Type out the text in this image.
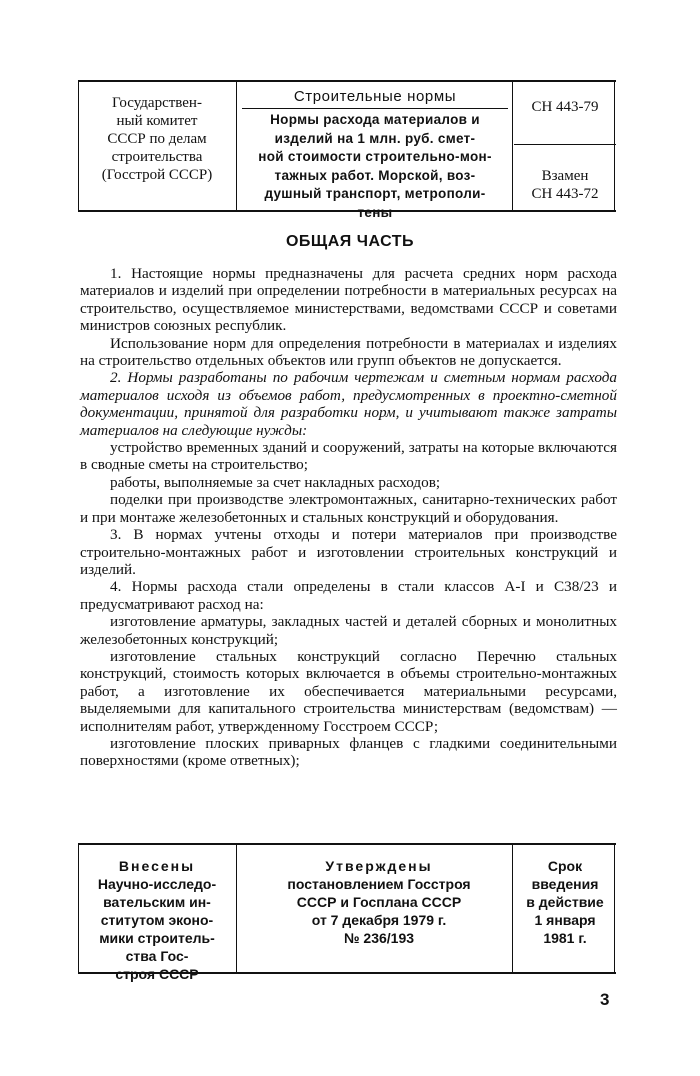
Государствен-
ный комитет
СССР по делам
строительства
(Госстрой СССР)
Строительные нормы
Нормы расхода материалов и
изделий на 1 млн. руб. смет-
ной стоимости строительно-мон-
тажных работ. Морской, воз-
душный транспорт, метрополи-
тены
СН 443-79
Взамен
СН 443-72
ОБЩАЯ ЧАСТЬ

1. Настоящие нормы предназначены для расчета средних норм расхода материалов и изделий при определении потребности в материальных ресурсах на строительство, осуществляемое министерствами, ведомствами СССР и советами министров союзных республик.

Использование норм для определения потребности в материалах и изделиях на строительство отдельных объектов или групп объектов не допускается.

2. Нормы разработаны по рабочим чертежам и сметным нормам расхода материалов исходя из объемов работ, предусмотренных в проектно-сметной документации, принятой для разработки норм, и учитывают также затраты материалов на следующие нужды:

устройство временных зданий и сооружений, затраты на которые включаются в сводные сметы на строительство;

работы, выполняемые за счет накладных расходов;

поделки при производстве электромонтажных, санитарно-технических работ и при монтаже железобетонных и стальных конструкций и оборудования.

3. В нормах учтены отходы и потери материалов при производстве строительно-монтажных работ и изготовлении строительных конструкций и изделий.

4. Нормы расхода стали определены в стали классов А-I и С38/23 и предусматривают расход на:

изготовление арматуры, закладных частей и деталей сборных и монолитных железобетонных конструкций;

изготовление стальных конструкций согласно Перечню стальных конструкций, стоимость которых включается в объемы строительно-монтажных работ, а изготовление их обеспечивается материальными ресурсами, выделяемыми для капитального строительства министерствам (ведомствам) — исполнителям работ, утвержденному Госстроем СССР;

изготовление плоских приварных фланцев с гладкими соединительными поверхностями (кроме ответных);

Внесены
Научно-исследо-
вательским ин-
ститутом эконо-
мики строитель-
ства Гос-
строя СССР
Утверждены
постановлением Госстроя
СССР и Госплана СССР
от 7 декабря 1979 г.
№ 236/193
Срок
введения
в действие
1 января
1981 г.
3
